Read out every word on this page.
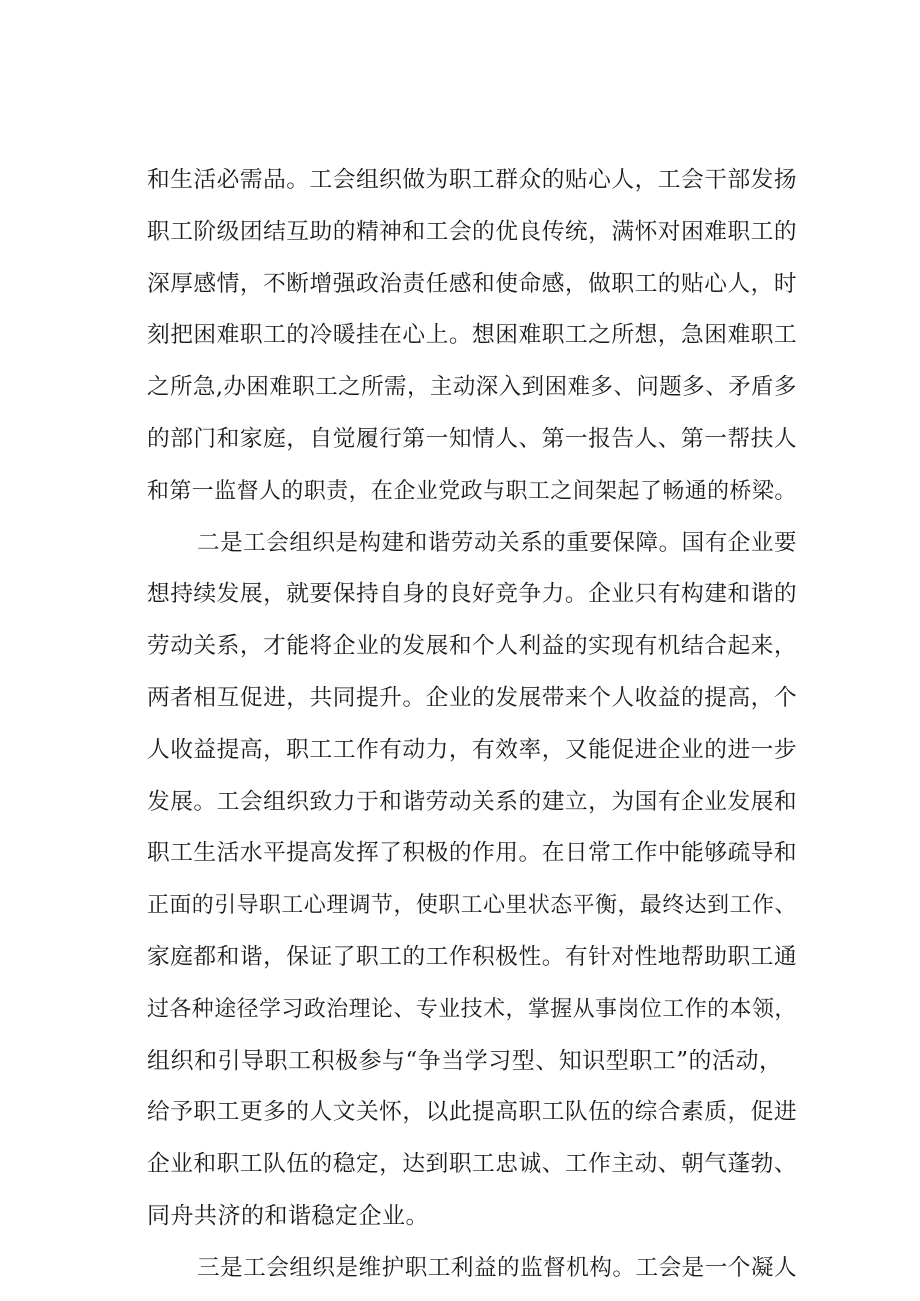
和生活必需品。工会组织做为职工群众的贴心人，工会干部发扬
职工阶级团结互助的精神和工会的优良传统，满怀对困难职工的
深厚感情，不断增强政治责任感和使命感，做职工的贴心人，时
刻把困难职工的冷暖挂在心上。想困难职工之所想，急困难职工
之所急,办困难职工之所需，主动深入到困难多、问题多、矛盾多
的部门和家庭，自觉履行第一知情人、第一报告人、第一帮扶人
和第一监督人的职责，在企业党政与职工之间架起了畅通的桥梁。
二是工会组织是构建和谐劳动关系的重要保障。国有企业要
想持续发展，就要保持自身的良好竞争力。企业只有构建和谐的
劳动关系，才能将企业的发展和个人利益的实现有机结合起来，
两者相互促进，共同提升。企业的发展带来个人收益的提高，个
人收益提高，职工工作有动力，有效率，又能促进企业的进一步
发展。工会组织致力于和谐劳动关系的建立，为国有企业发展和
职工生活水平提高发挥了积极的作用。在日常工作中能够疏导和
正面的引导职工心理调节，使职工心里状态平衡，最终达到工作、
家庭都和谐，保证了职工的工作积极性。有针对性地帮助职工通
过各种途径学习政治理论、专业技术，掌握从事岗位工作的本领，
组织和引导职工积极参与“争当学习型、知识型职工”的活动，
给予职工更多的人文关怀，以此提高职工队伍的综合素质，促进
企业和职工队伍的稳定，达到职工忠诚、工作主动、朝气蓬勃、
同舟共济的和谐稳定企业。
三是工会组织是维护职工利益的监督机构。工会是一个凝人
